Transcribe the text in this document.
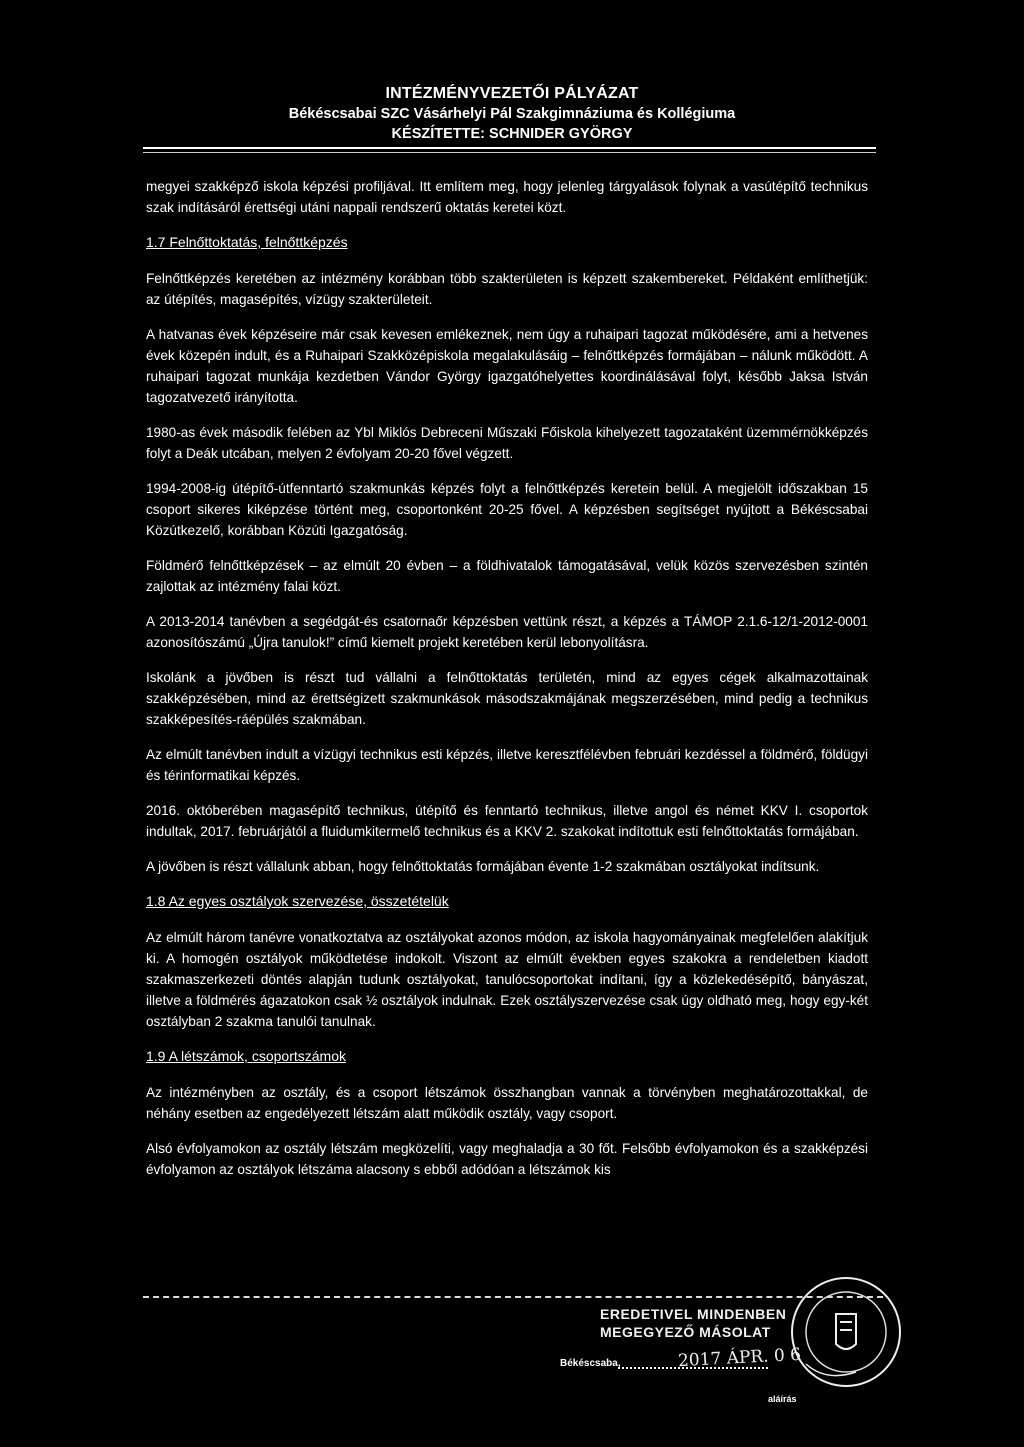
INTÉZMÉNYVEZETŐI PÁLYÁZAT
Békéscsabai SZC Vásárhelyi Pál Szakgimnáziuma és Kollégiuma
KÉSZÍTETTE: SCHNIDER GYÖRGY

megyei szakképző iskola képzési profiljával. Itt említem meg, hogy jelenleg tárgyalások folynak a vasútépítő technikus szak indításáról érettségi utáni nappali rendszerű oktatás keretei közt.

1.7 Felnőttoktatás, felnőttképzés

Felnőttképzés keretében az intézmény korábban több szakterületen is képzett szakembereket. Példaként említhetjük: az útépítés, magasépítés, vízügy szakterületeit.

A hatvanas évek képzéseire már csak kevesen emlékeznek, nem úgy a ruhaipari tagozat működésére, ami a hetvenes évek közepén indult, és a Ruhaipari Szakközépiskola megalakulásáig – felnőttképzés formájában – nálunk működött. A ruhaipari tagozat munkája kezdetben Vándor György igazgatóhelyettes koordinálásával folyt, később Jaksa István tagozatvezető irányította.

1980-as évek második felében az Ybl Miklós Debreceni Műszaki Főiskola kihelyezett tagozataként üzemmérnökképzés folyt a Deák utcában, melyen 2 évfolyam 20-20 fővel végzett.

1994-2008-ig útépítő-útfenntartó szakmunkás képzés folyt a felnőttképzés keretein belül. A megjelölt időszakban 15 csoport sikeres kiképzése történt meg, csoportonként 20-25 fővel. A képzésben segítséget nyújtott a Békéscsabai Közútkezelő, korábban Közúti Igazgatóság.

Földmérő felnőttképzések – az elmúlt 20 évben – a földhivatalok támogatásával, velük közös szervezésben szintén zajlottak az intézmény falai közt.

A 2013-2014 tanévben a segédgát-és csatornaőr képzésben vettünk részt, a képzés a TÁMOP 2.1.6-12/1-2012-0001 azonosítószámú „Újra tanulok!” című kiemelt projekt keretében kerül lebonyolításra.

Iskolánk a jövőben is részt tud vállalni a felnőttoktatás területén, mind az egyes cégek alkalmazottainak szakképzésében, mind az érettségizett szakmunkások másodszakmájának megszerzésében, mind pedig a technikus szakképesítés-ráépülés szakmában.

Az elmúlt tanévben indult a vízügyi technikus esti képzés, illetve keresztfélévben februári kezdéssel a földmérő, földügyi és térinformatikai képzés.

2016. októberében magasépítő technikus, útépítő és fenntartó technikus, illetve angol és német KKV I. csoportok indultak, 2017. februárjától a fluidumkitermelő technikus és a KKV 2. szakokat indítottuk esti felnőttoktatás formájában.

A jövőben is részt vállalunk abban, hogy felnőttoktatás formájában évente 1-2 szakmában osztályokat indítsunk.

1.8 Az egyes osztályok szervezése, összetételük

Az elmúlt három tanévre vonatkoztatva az osztályokat azonos módon, az iskola hagyományainak megfelelően alakítjuk ki. A homogén osztályok működtetése indokolt. Viszont az elmúlt években egyes szakokra a rendeletben kiadott szakmaszerkezeti döntés alapján tudunk osztályokat, tanulócsoportokat indítani, így a közlekedésépítő, bányászat, illetve a földmérés ágazatokon csak ½ osztályok indulnak. Ezek osztályszervezése csak úgy oldható meg, hogy egy-két osztályban 2 szakma tanulói tanulnak.

1.9 A létszámok, csoportszámok

Az intézményben az osztály, és a csoport létszámok összhangban vannak a törvényben meghatározottakkal, de néhány esetben az engedélyezett létszám alatt működik osztály, vagy csoport.

Alsó évfolyamokon az osztály létszám megközelíti, vagy meghaladja a 30 főt. Felsőbb évfolyamokon és a szakképzési évfolyamon az osztályok létszáma alacsony s ebből adódóan a létszámok kis

EREDETIVEL MINDENBEN
MEGEGYEZŐ MÁSOLAT
Békéscsaba,	2017 ÁPR. 0 6
aláírás
